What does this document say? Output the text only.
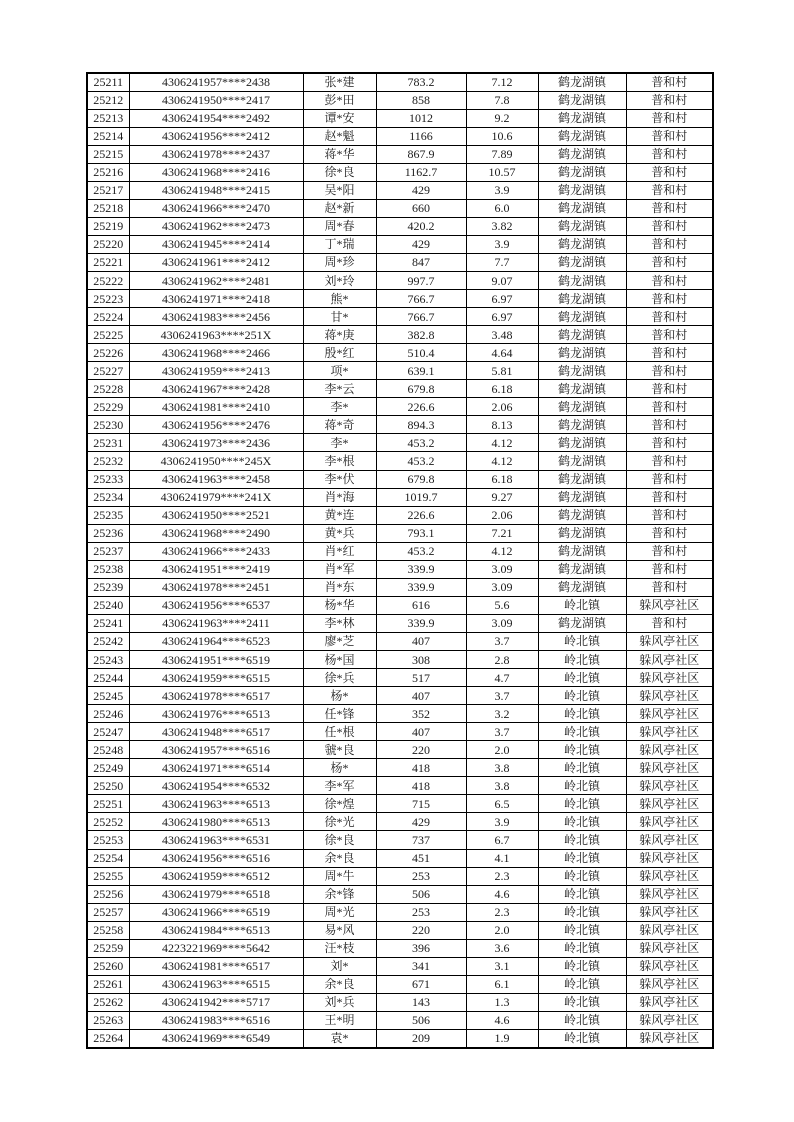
25211	4306241957****2438	张*建	783.2	7.12	鹤龙湖镇	普和村
25212	4306241950****2417	彭*田	858	7.8	鹤龙湖镇	普和村
25213	4306241954****2492	谭*安	1012	9.2	鹤龙湖镇	普和村
25214	4306241956****2412	赵*魁	1166	10.6	鹤龙湖镇	普和村
25215	4306241978****2437	蒋*华	867.9	7.89	鹤龙湖镇	普和村
25216	4306241968****2416	徐*良	1162.7	10.57	鹤龙湖镇	普和村
25217	4306241948****2415	吴*阳	429	3.9	鹤龙湖镇	普和村
25218	4306241966****2470	赵*新	660	6.0	鹤龙湖镇	普和村
25219	4306241962****2473	周*春	420.2	3.82	鹤龙湖镇	普和村
25220	4306241945****2414	丁*瑞	429	3.9	鹤龙湖镇	普和村
25221	4306241961****2412	周*珍	847	7.7	鹤龙湖镇	普和村
25222	4306241962****2481	刘*玲	997.7	9.07	鹤龙湖镇	普和村
25223	4306241971****2418	熊*	766.7	6.97	鹤龙湖镇	普和村
25224	4306241983****2456	甘*	766.7	6.97	鹤龙湖镇	普和村
25225	4306241963****251X	蒋*庚	382.8	3.48	鹤龙湖镇	普和村
25226	4306241968****2466	殷*红	510.4	4.64	鹤龙湖镇	普和村
25227	4306241959****2413	项*	639.1	5.81	鹤龙湖镇	普和村
25228	4306241967****2428	李*云	679.8	6.18	鹤龙湖镇	普和村
25229	4306241981****2410	李*	226.6	2.06	鹤龙湖镇	普和村
25230	4306241956****2476	蒋*奇	894.3	8.13	鹤龙湖镇	普和村
25231	4306241973****2436	李*	453.2	4.12	鹤龙湖镇	普和村
25232	4306241950****245X	李*根	453.2	4.12	鹤龙湖镇	普和村
25233	4306241963****2458	李*伏	679.8	6.18	鹤龙湖镇	普和村
25234	4306241979****241X	肖*海	1019.7	9.27	鹤龙湖镇	普和村
25235	4306241950****2521	黄*连	226.6	2.06	鹤龙湖镇	普和村
25236	4306241968****2490	黄*兵	793.1	7.21	鹤龙湖镇	普和村
25237	4306241966****2433	肖*红	453.2	4.12	鹤龙湖镇	普和村
25238	4306241951****2419	肖*军	339.9	3.09	鹤龙湖镇	普和村
25239	4306241978****2451	肖*东	339.9	3.09	鹤龙湖镇	普和村
25240	4306241956****6537	杨*华	616	5.6	岭北镇	躲风亭社区
25241	4306241963****2411	李*林	339.9	3.09	鹤龙湖镇	普和村
25242	4306241964****6523	廖*芝	407	3.7	岭北镇	躲风亭社区
25243	4306241951****6519	杨*国	308	2.8	岭北镇	躲风亭社区
25244	4306241959****6515	徐*兵	517	4.7	岭北镇	躲风亭社区
25245	4306241978****6517	杨*	407	3.7	岭北镇	躲风亭社区
25246	4306241976****6513	任*锋	352	3.2	岭北镇	躲风亭社区
25247	4306241948****6517	任*根	407	3.7	岭北镇	躲风亭社区
25248	4306241957****6516	虢*良	220	2.0	岭北镇	躲风亭社区
25249	4306241971****6514	杨*	418	3.8	岭北镇	躲风亭社区
25250	4306241954****6532	李*军	418	3.8	岭北镇	躲风亭社区
25251	4306241963****6513	徐*煌	715	6.5	岭北镇	躲风亭社区
25252	4306241980****6513	徐*光	429	3.9	岭北镇	躲风亭社区
25253	4306241963****6531	徐*良	737	6.7	岭北镇	躲风亭社区
25254	4306241956****6516	余*良	451	4.1	岭北镇	躲风亭社区
25255	4306241959****6512	周*牛	253	2.3	岭北镇	躲风亭社区
25256	4306241979****6518	余*锋	506	4.6	岭北镇	躲风亭社区
25257	4306241966****6519	周*光	253	2.3	岭北镇	躲风亭社区
25258	4306241984****6513	易*风	220	2.0	岭北镇	躲风亭社区
25259	4223221969****5642	汪*枝	396	3.6	岭北镇	躲风亭社区
25260	4306241981****6517	刘*	341	3.1	岭北镇	躲风亭社区
25261	4306241963****6515	余*良	671	6.1	岭北镇	躲风亭社区
25262	4306241942****5717	刘*兵	143	1.3	岭北镇	躲风亭社区
25263	4306241983****6516	王*明	506	4.6	岭北镇	躲风亭社区
25264	4306241969****6549	袁*	209	1.9	岭北镇	躲风亭社区
